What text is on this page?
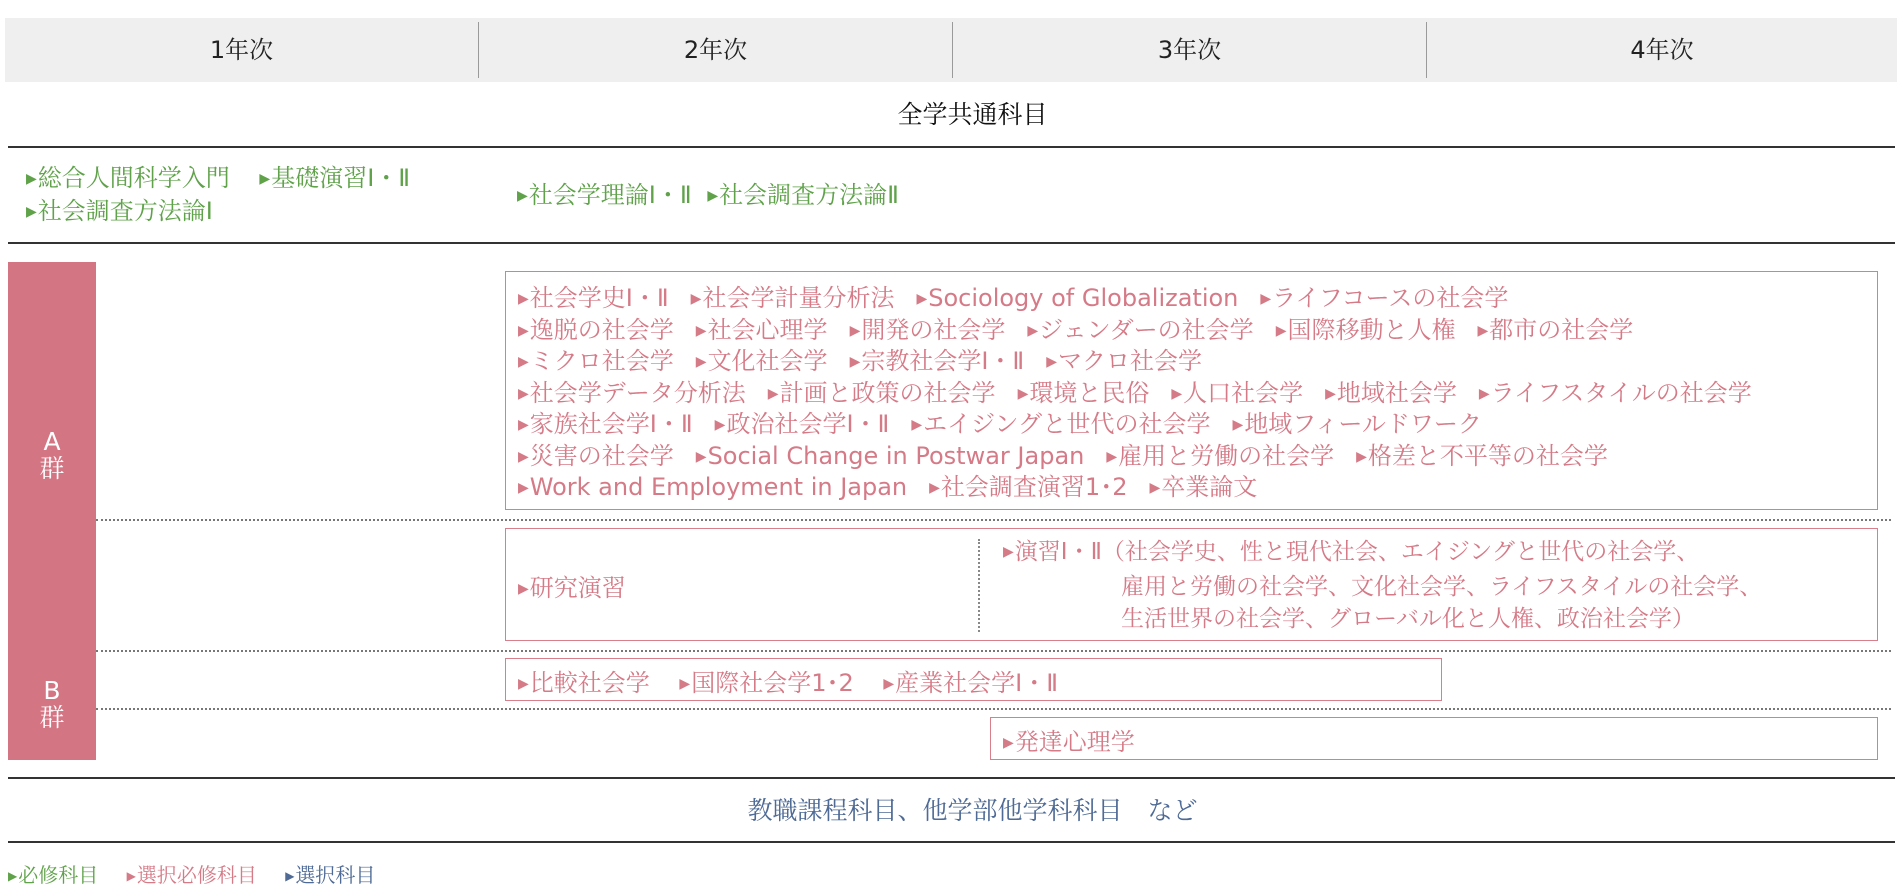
1年次	2年次	3年次	4年次
全学共通科目
▶総合人間科学入門 ▶基礎演習Ⅰ・Ⅱ
▶社会調査方法論Ⅰ
▶社会学理論Ⅰ・Ⅱ ▶社会調査方法論Ⅱ
A
群
B
群
▶社会学史Ⅰ・Ⅱ ▶社会学計量分析法 ▶Sociology of Globalization ▶ライフコースの社会学
▶逸脱の社会学 ▶社会心理学 ▶開発の社会学 ▶ジェンダーの社会学 ▶国際移動と人権 ▶都市の社会学
▶ミクロ社会学 ▶文化社会学 ▶宗教社会学Ⅰ・Ⅱ ▶マクロ社会学
▶社会学データ分析法 ▶計画と政策の社会学 ▶環境と民俗 ▶人口社会学 ▶地域社会学 ▶ライフスタイルの社会学
▶家族社会学Ⅰ・Ⅱ ▶政治社会学Ⅰ・Ⅱ ▶エイジングと世代の社会学 ▶地域フィールドワーク
▶災害の社会学 ▶Social Change in Postwar Japan ▶雇用と労働の社会学 ▶格差と不平等の社会学
▶Work and Employment in Japan ▶社会調査演習1･2 ▶卒業論文
▶研究演習
▶演習Ⅰ・Ⅱ（社会学史、性と現代社会、エイジングと世代の社会学、
雇用と労働の社会学、文化社会学、ライフスタイルの社会学、
生活世界の社会学、グローバル化と人権、政治社会学）
▶比較社会学 ▶国際社会学1･2 ▶産業社会学Ⅰ・Ⅱ
▶発達心理学
教職課程科目、他学部他学科科目　など
▶必修科目 ▶選択必修科目 ▶選択科目
